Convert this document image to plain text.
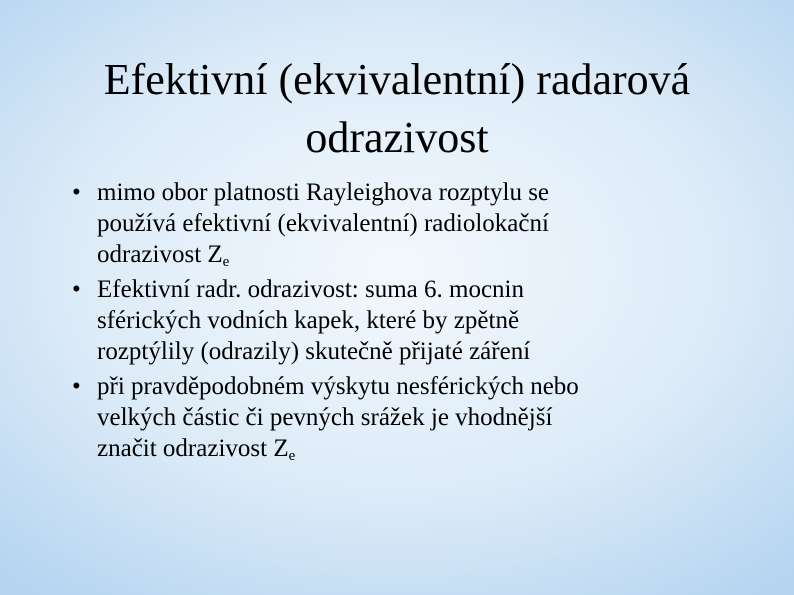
Efektivní (ekvivalentní) radarová
odrazivost
• mimo obor platnosti Rayleighova rozptylu se
používá efektivní (ekvivalentní) radiolokační
odrazivost $Z_e$
• Efektivní radr. odrazivost: suma 6. mocnin
sférických vodních kapek, které by zpětně
rozptýlily (odrazily) skutečně přijaté záření
• při pravděpodobném výskytu nesférických nebo
velkých částic či pevných srážek je vhodnější
značit odrazivost $Z_e$
